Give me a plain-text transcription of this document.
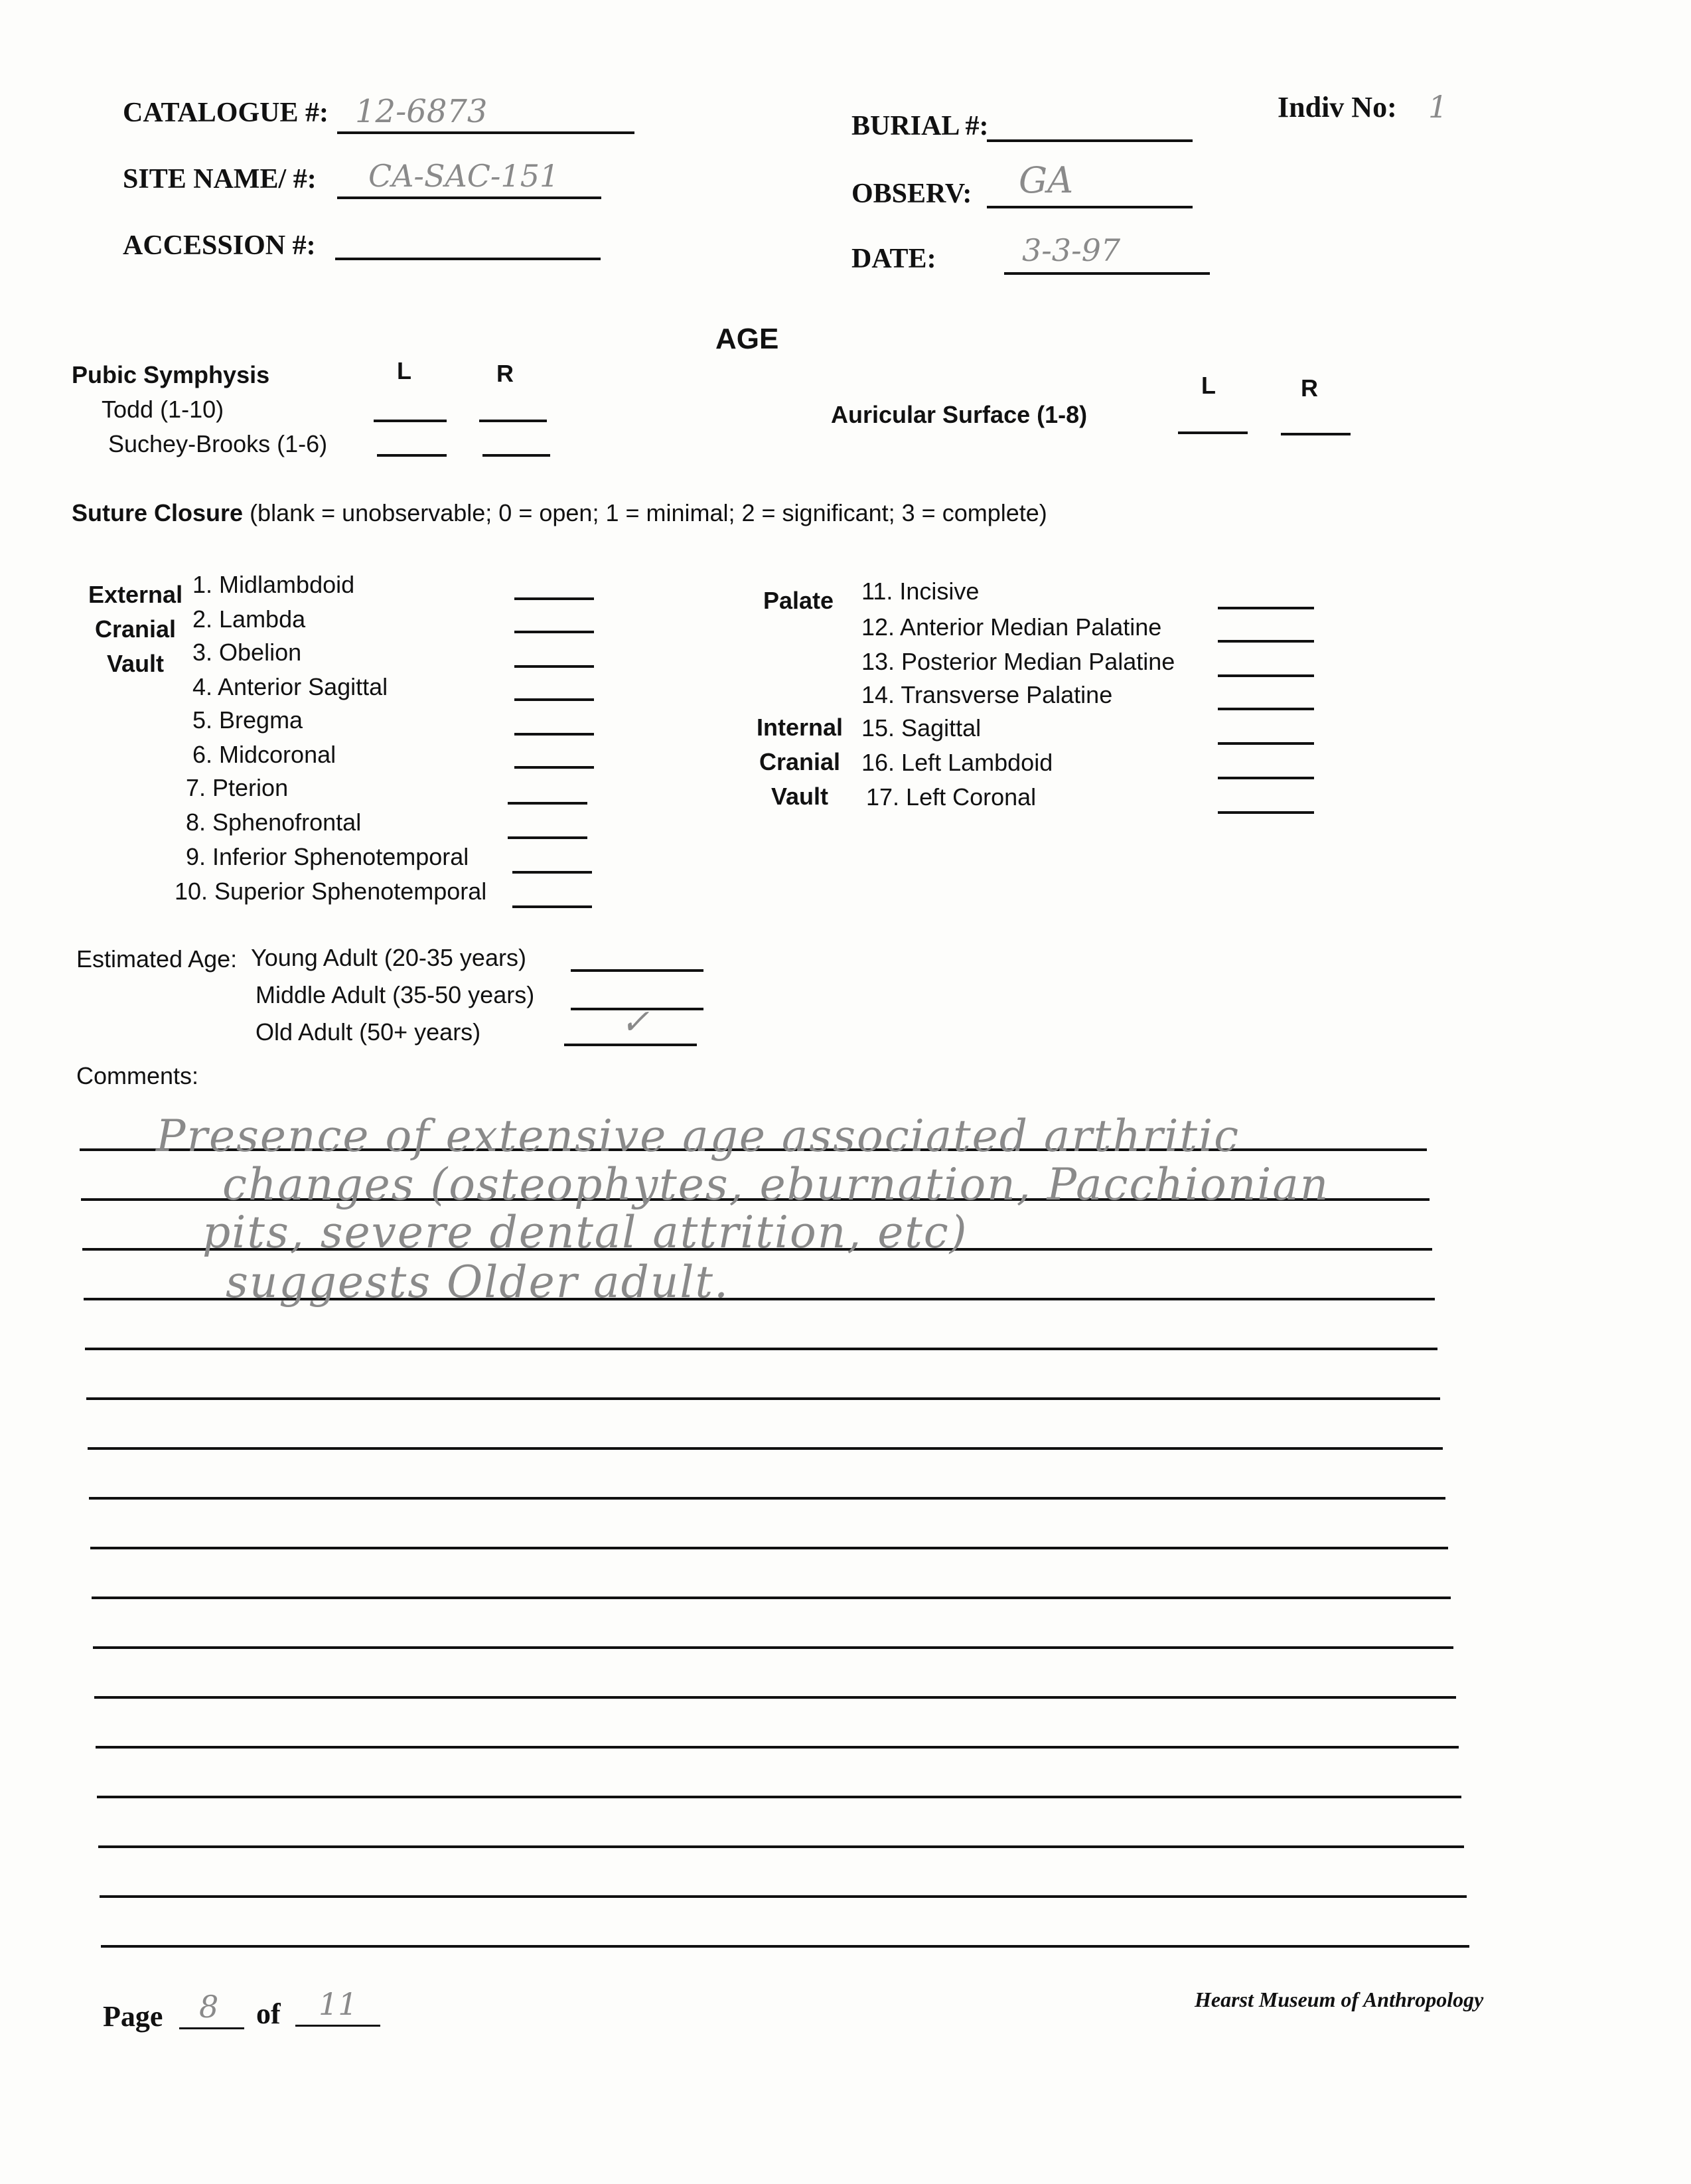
CATALOGUE #: 12-6873
SITE NAME/ #: CA-SAC-151
ACCESSION #:
BURIAL #:
OBSERV: GA
DATE:	3-3-97
Indiv No: 1
AGE
Pubic Symphysis	L	R
Todd (1-10)
Suchey-Brooks (1-6)
L	R
Auricular Surface (1-8)
Suture Closure (blank = unobservable; 0 = open; 1 = minimal; 2 = significant; 3 = complete)
External
Cranial
Vault
1. Midlambdoid
2. Lambda
3. Obelion
4. Anterior Sagittal
5. Bregma
6. Midcoronal
7. Pterion
8. Sphenofrontal
9. Inferior Sphenotemporal
10. Superior Sphenotemporal
Palate
Internal
Cranial
Vault
11. Incisive
12. Anterior Median Palatine
13. Posterior Median Palatine
14. Transverse Palatine
15. Sagittal
16. Left Lambdoid
17. Left Coronal
Estimated Age: Young Adult (20-35 years)
Middle Adult (35-50 years)
Old Adult (50+ years)	✓
Comments:
Presence of extensive age associated arthritic
changes (osteophytes, eburnation, Pacchionian
pits, severe dental attrition, etc)
suggests Older adult.
Page 8 of 11	Hearst Museum of Anthropology
